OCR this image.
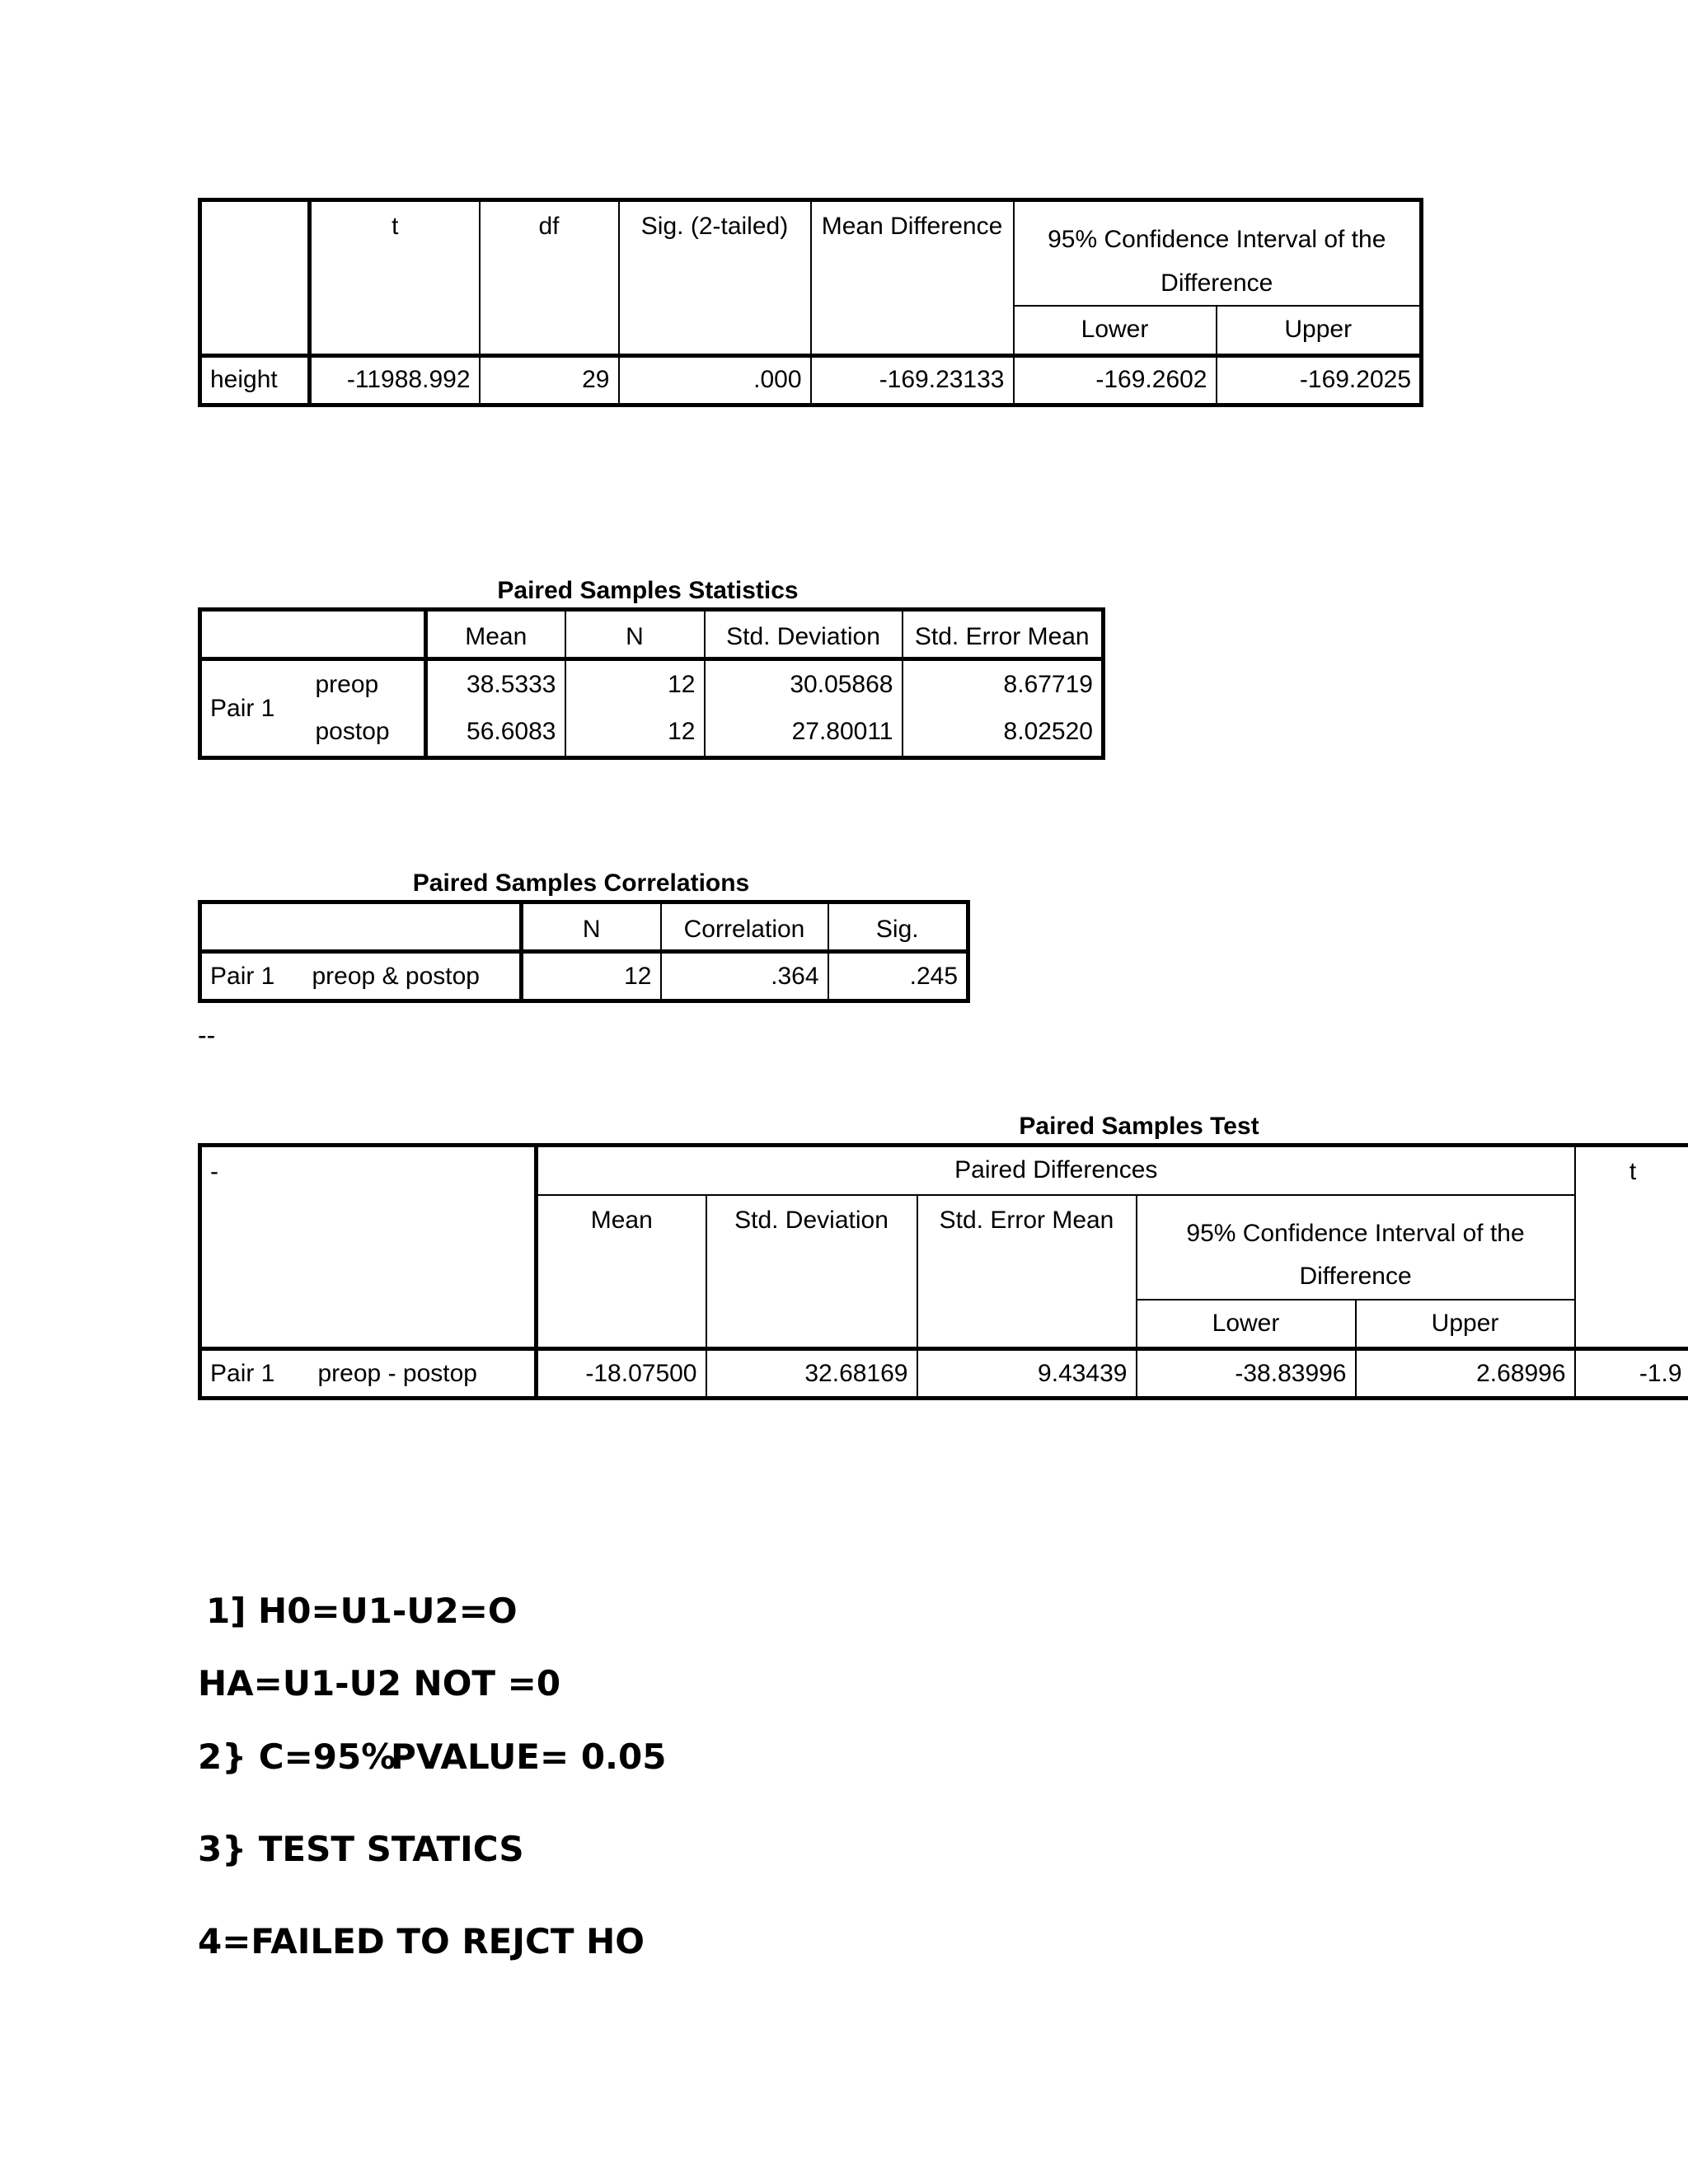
	t	df	Sig. (2-tailed)	Mean Difference	95% Confidence Interval of the
Difference	

					Lower	Upper
height	-11988.992	29	.000	-169.23133	-169.2602	-169.2025
Paired Samples Statistics
		Mean	N	Std. Deviation	Std. Error Mean
Pair 1	preop	38.5333	12	30.05868	8.67719
	postop	56.6083	12	27.80011	8.02520
Paired Samples Correlations
		N	Correlation	Sig.
Pair 1	preop & postop	12	.364	.245
--
Paired Samples Test
-		Paired Differences					t
		Mean	Std. Deviation	Std. Error Mean	95% Confidence Interval of the
Difference		

					Lower	Upper	
Pair 1	preop - postop	-18.07500	32.68169	9.43439	-38.83996	2.68996	-1.9
1] H0=U1-U2=O
HA=U1-U2 NOT =0
2} C=95%
PVALUE= 0.05
3} TEST STATICS
4=FAILED TO REJCT HO
